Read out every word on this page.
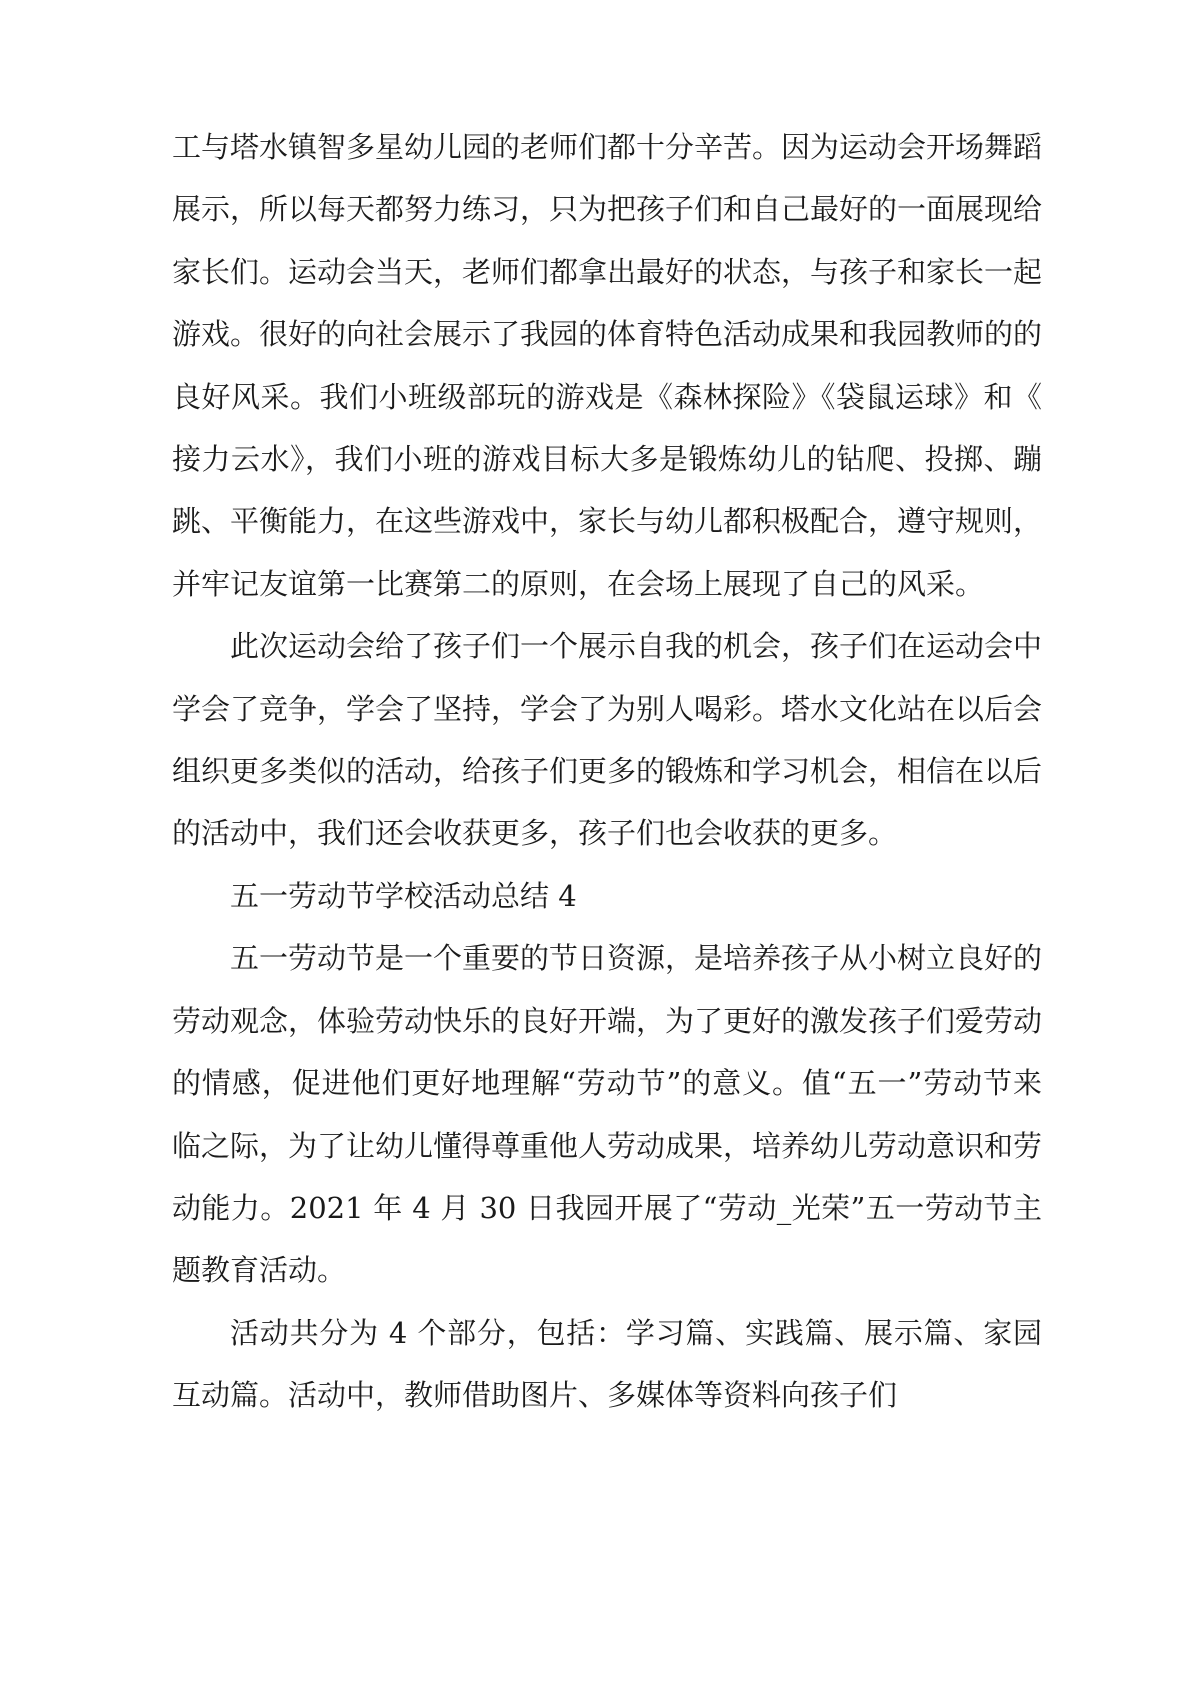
工与塔水镇智多星幼儿园的老师们都十分辛苦。因为运动会开场舞蹈展示，所以每天都努力练习，只为把孩子们和自己最好的一面展现给家长们。运动会当天，老师们都拿出最好的状态，与孩子和家长一起游戏。很好的向社会展示了我园的体育特色活动成果和我园教师的的良好风采。我们小班级部玩的游戏是《森林探险》《袋鼠运球》和《接力云水》，我们小班的游戏目标大多是锻炼幼儿的钻爬、投掷、蹦跳、平衡能力，在这些游戏中，家长与幼儿都积极配合，遵守规则，并牢记友谊第一比赛第二的原则，在会场上展现了自己的风采。

此次运动会给了孩子们一个展示自我的机会，孩子们在运动会中学会了竞争，学会了坚持，学会了为别人喝彩。塔水文化站在以后会组织更多类似的活动，给孩子们更多的锻炼和学习机会，相信在以后的活动中，我们还会收获更多，孩子们也会收获的更多。

五一劳动节学校活动总结 4

五一劳动节是一个重要的节日资源，是培养孩子从小树立良好的劳动观念，体验劳动快乐的良好开端，为了更好的激发孩子们爱劳动的情感，促进他们更好地理解“劳动节”的意义。值“五一”劳动节来临之际，为了让幼儿懂得尊重他人劳动成果，培养幼儿劳动意识和劳动能力。2021 年 4 月 30 日我园开展了“劳动_光荣”五一劳动节主题教育活动。

活动共分为 4 个部分，包括：学习篇、实践篇、展示篇、家园互动篇。活动中，教师借助图片、多媒体等资料向孩子们
